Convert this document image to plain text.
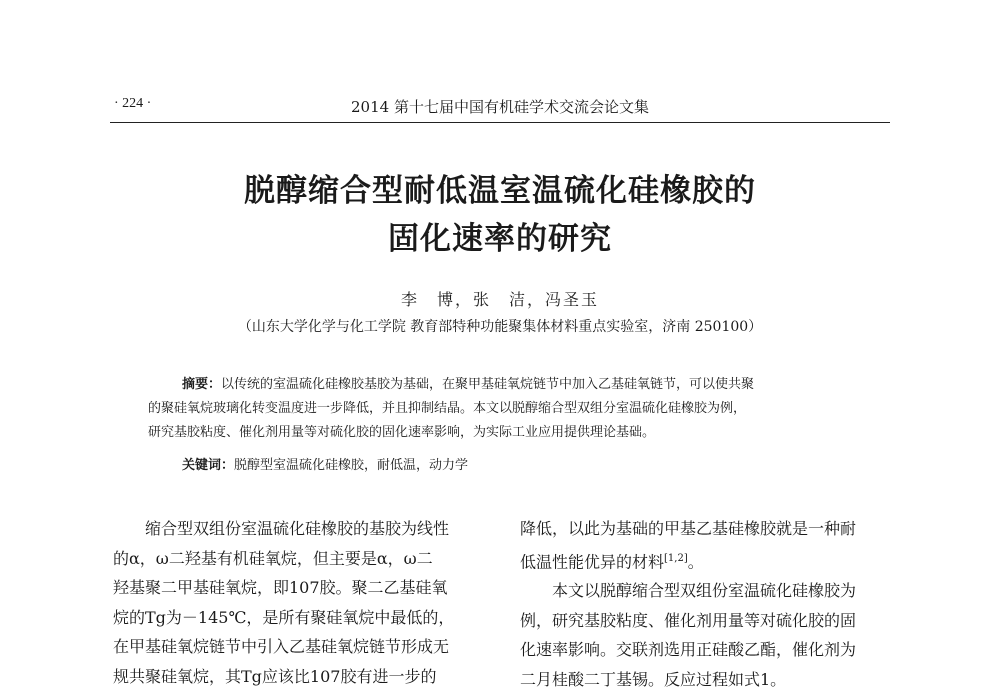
· 224 ·	2014 第十七届中国有机硅学术交流会论文集
脱醇缩合型耐低温室温硫化硅橡胶的
固化速率的研究
李　博，张　洁，冯圣玉
（山东大学化学与化工学院 教育部特种功能聚集体材料重点实验室，济南 250100）
摘要：以传统的室温硫化硅橡胶基胶为基础，在聚甲基硅氧烷链节中加入乙基硅氧链节，可以使共聚
的聚硅氧烷玻璃化转变温度进一步降低，并且抑制结晶。本文以脱醇缩合型双组分室温硫化硅橡胶为例，
研究基胶粘度、催化剂用量等对硫化胶的固化速率影响，为实际工业应用提供理论基础。
关键词：脱醇型室温硫化硅橡胶，耐低温，动力学
缩合型双组份室温硫化硅橡胶的基胶为线性
的α，ω二羟基有机硅氧烷，但主要是α，ω二
羟基聚二甲基硅氧烷，即107胶。聚二乙基硅氧
烷的Tg为－145℃，是所有聚硅氧烷中最低的，
在甲基硅氧烷链节中引入乙基硅氧烷链节形成无
规共聚硅氧烷，其Tg应该比107胶有进一步的
降低，以此为基础的甲基乙基硅橡胶就是一种耐
低温性能优异的材料[1,2]。
本文以脱醇缩合型双组份室温硫化硅橡胶为
例，研究基胶粘度、催化剂用量等对硫化胶的固
化速率影响。交联剂选用正硅酸乙酯，催化剂为
二月桂酸二丁基锡。反应过程如式1。
